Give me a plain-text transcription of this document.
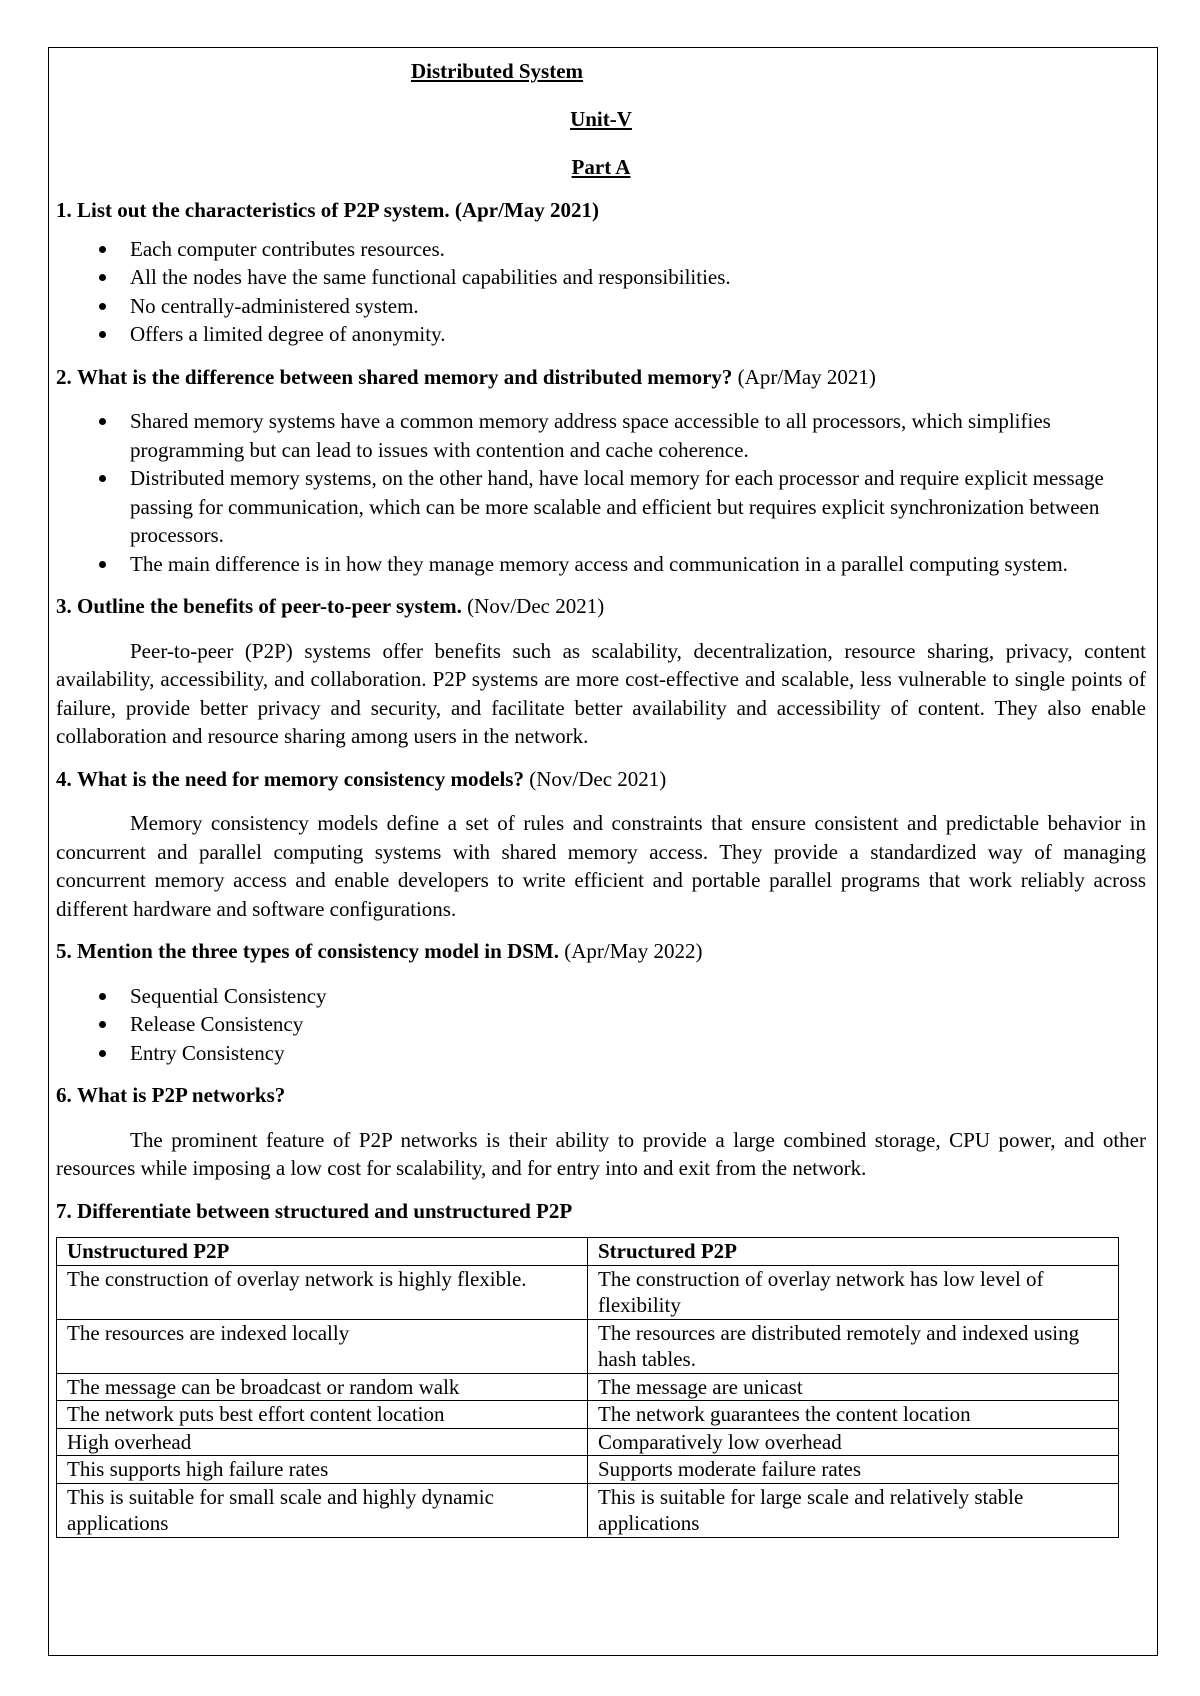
Distributed System

Unit-V

Part A

1. List out the characteristics of P2P system. (Apr/May 2021)

Each computer contributes resources.
All the nodes have the same functional capabilities and responsibilities.
No centrally-administered system.
Offers a limited degree of anonymity.

2. What is the difference between shared memory and distributed memory? (Apr/May 2021)

Shared memory systems have a common memory address space accessible to all processors, which simplifies programming but can lead to issues with contention and cache coherence.
Distributed memory systems, on the other hand, have local memory for each processor and require explicit message passing for communication, which can be more scalable and efficient but requires explicit synchronization between processors.
The main difference is in how they manage memory access and communication in a parallel computing system.

3. Outline the benefits of peer-to-peer system. (Nov/Dec 2021)

Peer-to-peer (P2P) systems offer benefits such as scalability, decentralization, resource sharing, privacy, content availability, accessibility, and collaboration. P2P systems are more cost-effective and scalable, less vulnerable to single points of failure, provide better privacy and security, and facilitate better availability and accessibility of content. They also enable collaboration and resource sharing among users in the network.

4. What is the need for memory consistency models? (Nov/Dec 2021)

Memory consistency models define a set of rules and constraints that ensure consistent and predictable behavior in concurrent and parallel computing systems with shared memory access. They provide a standardized way of managing concurrent memory access and enable developers to write efficient and portable parallel programs that work reliably across different hardware and software configurations.

5. Mention the three types of consistency model in DSM. (Apr/May 2022)

Sequential Consistency
Release Consistency
Entry Consistency

6. What is P2P networks?

The prominent feature of P2P networks is their ability to provide a large combined storage, CPU power, and other resources while imposing a low cost for scalability, and for entry into and exit from the network.

7. Differentiate between structured and unstructured P2P

Unstructured P2P	Structured P2P
The construction of overlay network is highly flexible.	The construction of overlay network has low level of flexibility
The resources are indexed locally	The resources are distributed remotely and indexed using hash tables.
The message can be broadcast or random walk	The message are unicast
The network puts best effort content location	The network guarantees the content location
High overhead	Comparatively low overhead
This supports high failure rates	Supports moderate failure rates
This is suitable for small scale and highly dynamic applications	This is suitable for large scale and relatively stable applications
